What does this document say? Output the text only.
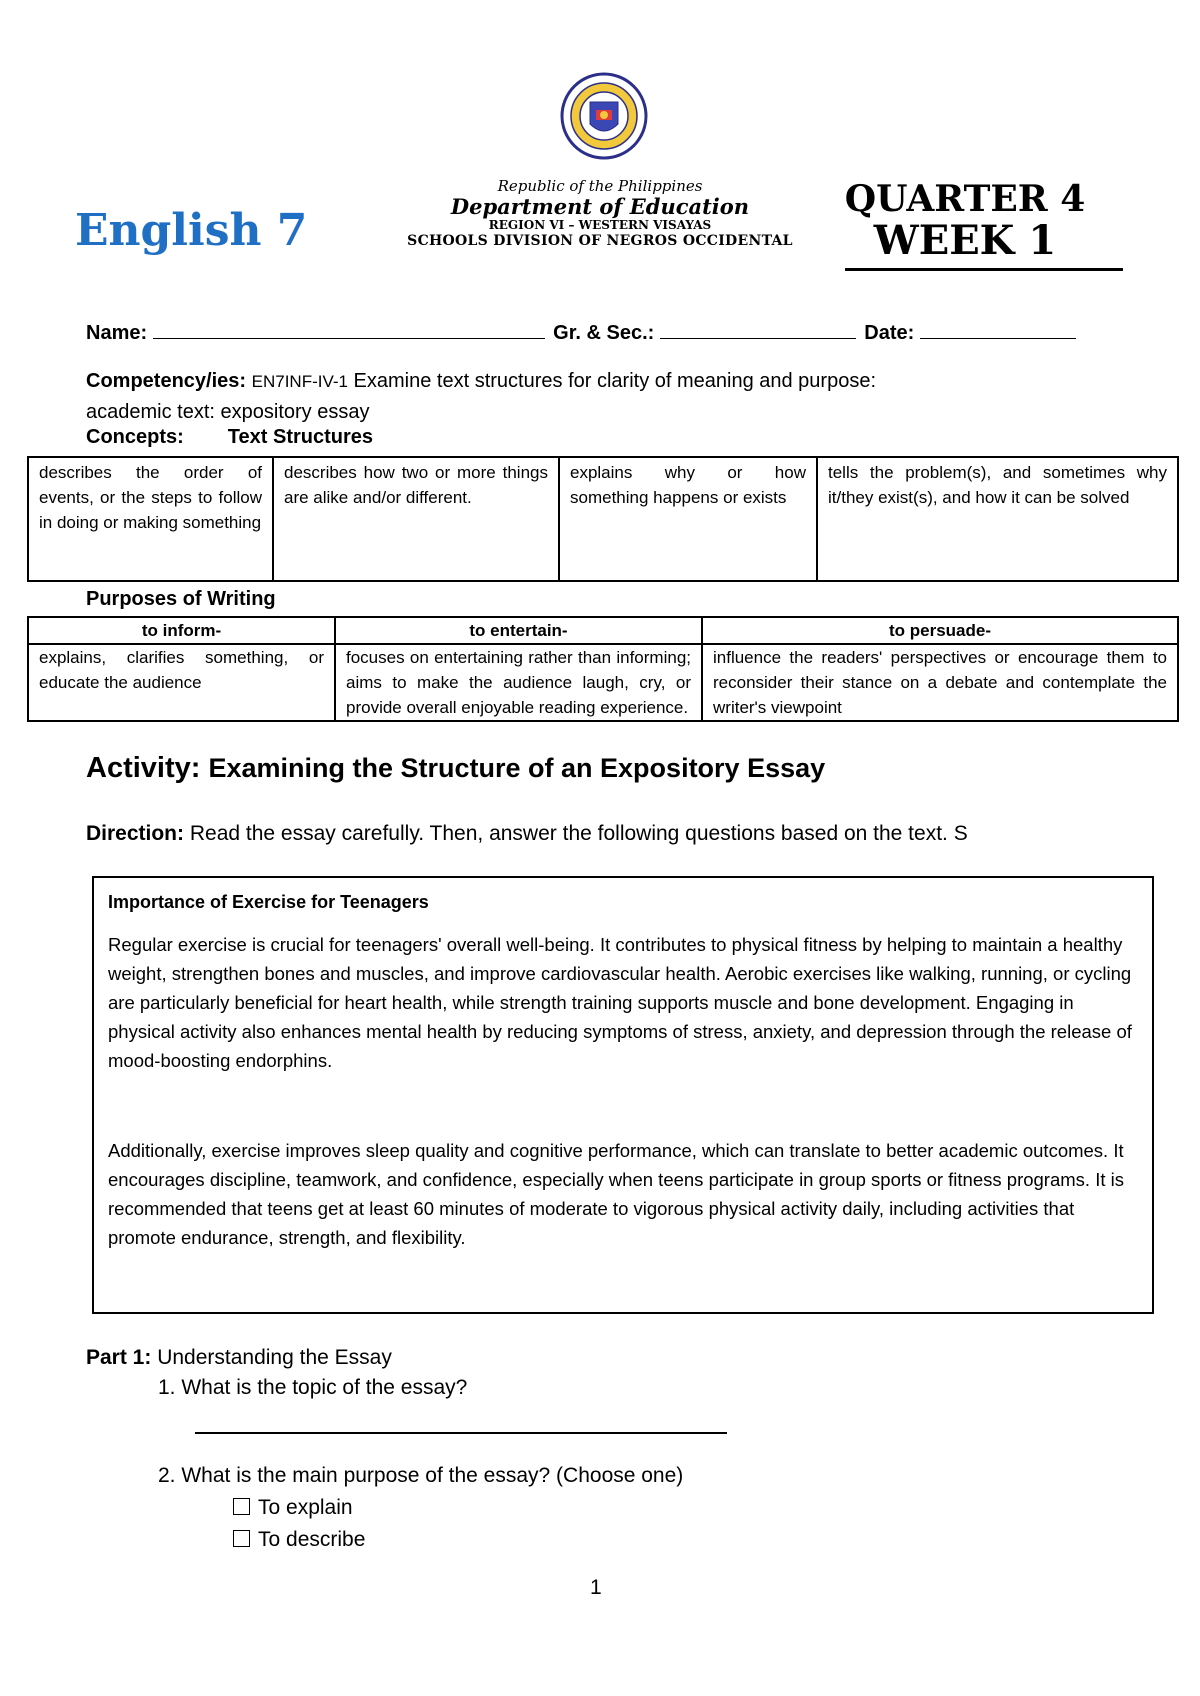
English 7
Republic of the Philippines
Department of Education
REGION VI – WESTERN VISAYAS
SCHOOLS DIVISION OF NEGROS OCCIDENTAL
QUARTER 4
WEEK 1
Name:	Gr. & Sec.:	Date:
Competency/ies: EN7INF-IV-1 Examine text structures for clarity of meaning and purpose:
academic text: expository essay
Concepts: Text Structures
describes the order of events, or the steps to follow in doing or making something	describes how two or more things are alike and/or different.	explains why or how something happens or exists	tells the problem(s), and sometimes why it/they exist(s), and how it can be solved
Purposes of Writing
to inform-	to entertain-	to persuade-
explains, clarifies something, or educate the audience	focuses on entertaining rather than informing; aims to make the audience laugh, cry, or provide overall enjoyable reading experience.	influence the readers' perspectives or encourage them to reconsider their stance on a debate and contemplate the writer's viewpoint
Activity: Examining the Structure of an Expository Essay
Direction: Read the essay carefully. Then, answer the following questions based on the text. S
Importance of Exercise for Teenagers

Regular exercise is crucial for teenagers' overall well-being. It contributes to physical fitness by helping to maintain a healthy weight, strengthen bones and muscles, and improve cardiovascular health. Aerobic exercises like walking, running, or cycling are particularly beneficial for heart health, while strength training supports muscle and bone development. Engaging in physical activity also enhances mental health by reducing symptoms of stress, anxiety, and depression through the release of mood-boosting endorphins.

Additionally, exercise improves sleep quality and cognitive performance, which can translate to better academic outcomes. It encourages discipline, teamwork, and confidence, especially when teens participate in group sports or fitness programs. It is recommended that teens get at least 60 minutes of moderate to vigorous physical activity daily, including activities that promote endurance, strength, and flexibility.

Part 1: Understanding the Essay
1. What is the topic of the essay?
2. What is the main purpose of the essay? (Choose one)
To explain
To describe
1
